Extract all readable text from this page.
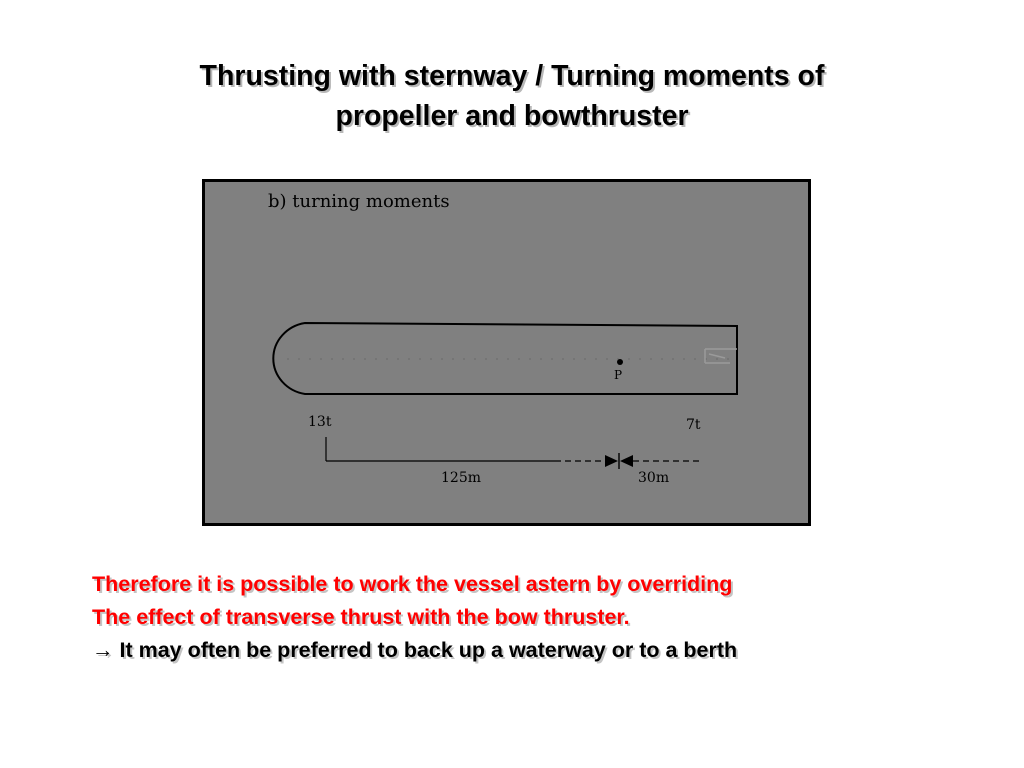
Thrusting with sternway / Turning moments of
propeller and bowthruster
b) turning moments
P
13t	7t
125m	30m
Therefore it is possible to work the vessel astern by overriding
The effect of transverse thrust with the bow thruster.
→ It may often be preferred to back up a waterway or to a berth
